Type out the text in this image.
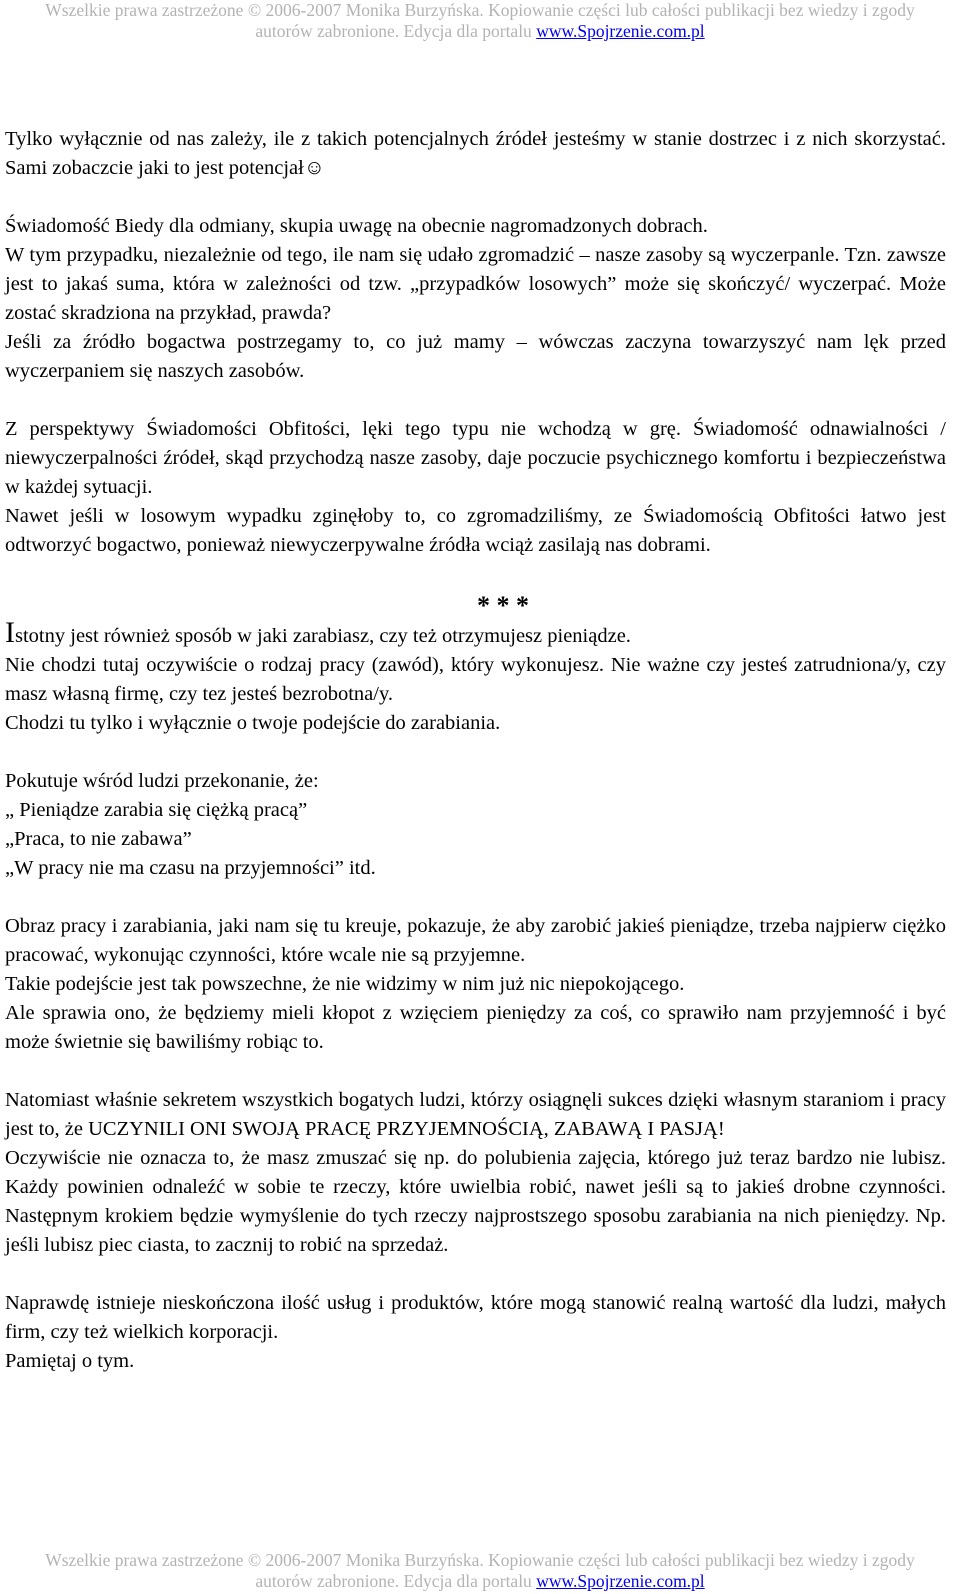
Wszelkie prawa zastrzeżone © 2006-2007 Monika Burzyńska. Kopiowanie części lub całości publikacji bez wiedzy i zgody
autorów zabronione. Edycja dla portalu www.Spojrzenie.com.pl

Tylko wyłącznie od nas zależy, ile z takich potencjalnych źródeł jesteśmy w stanie dostrzec i z nich skorzystać. Sami zobaczcie jaki to jest potencjał☺

Świadomość Biedy dla odmiany, skupia uwagę na obecnie nagromadzonych dobrach.

W tym przypadku, niezależnie od tego, ile nam się udało zgromadzić – nasze zasoby są wyczerpanle. Tzn. zawsze jest to jakaś suma, która w zależności od tzw. „przypadków losowych” może się skończyć/ wyczerpać. Może zostać skradziona na przykład, prawda?

Jeśli za źródło bogactwa postrzegamy to, co już mamy – wówczas zaczyna towarzyszyć nam lęk przed wyczerpaniem się naszych zasobów.

Z perspektywy Świadomości Obfitości, lęki tego typu nie wchodzą w grę. Świadomość odnawialności / niewyczerpalności źródeł, skąd przychodzą nasze zasoby, daje poczucie psychicznego komfortu i bezpieczeństwa w każdej sytuacji.

Nawet jeśli w losowym wypadku zginęłoby to, co zgromadziliśmy, ze Świadomością Obfitości łatwo jest odtworzyć bogactwo, ponieważ niewyczerpywalne źródła wciąż zasilają nas dobrami.

* * *

Istotny jest również sposób w jaki zarabiasz, czy też otrzymujesz pieniądze.

Nie chodzi tutaj oczywiście o rodzaj pracy (zawód), który wykonujesz. Nie ważne czy jesteś zatrudniona/y, czy masz własną firmę, czy tez jesteś bezrobotna/y.

Chodzi tu tylko i wyłącznie o twoje podejście do zarabiania.

Pokutuje wśród ludzi przekonanie, że:

„ Pieniądze zarabia się ciężką pracą”

„Praca, to nie zabawa”

„W pracy nie ma czasu na przyjemności” itd.

Obraz pracy i zarabiania, jaki nam się tu kreuje, pokazuje, że aby zarobić jakieś pieniądze, trzeba najpierw ciężko pracować, wykonując czynności, które wcale nie są przyjemne.

Takie podejście jest tak powszechne, że nie widzimy w nim już nic niepokojącego.

Ale sprawia ono, że będziemy mieli kłopot z wzięciem pieniędzy za coś, co sprawiło nam przyjemność i być może świetnie się bawiliśmy robiąc to.

Natomiast właśnie sekretem wszystkich bogatych ludzi, którzy osiągnęli sukces dzięki własnym staraniom i pracy jest to, że UCZYNILI ONI SWOJĄ PRACĘ PRZYJEMNOŚCIĄ, ZABAWĄ I PASJĄ!

Oczywiście nie oznacza to, że masz zmuszać się np. do polubienia zajęcia, którego już teraz bardzo nie lubisz. Każdy powinien odnaleźć w sobie te rzeczy, które uwielbia robić, nawet jeśli są to jakieś drobne czynności. Następnym krokiem będzie wymyślenie do tych rzeczy najprostszego sposobu zarabiania na nich pieniędzy. Np. jeśli lubisz piec ciasta, to zacznij to robić na sprzedaż.

Naprawdę istnieje nieskończona ilość usług i produktów, które mogą stanowić realną wartość dla ludzi, małych firm, czy też wielkich korporacji.

Pamiętaj o tym.

Wszelkie prawa zastrzeżone © 2006-2007 Monika Burzyńska. Kopiowanie części lub całości publikacji bez wiedzy i zgody
autorów zabronione. Edycja dla portalu www.Spojrzenie.com.pl
